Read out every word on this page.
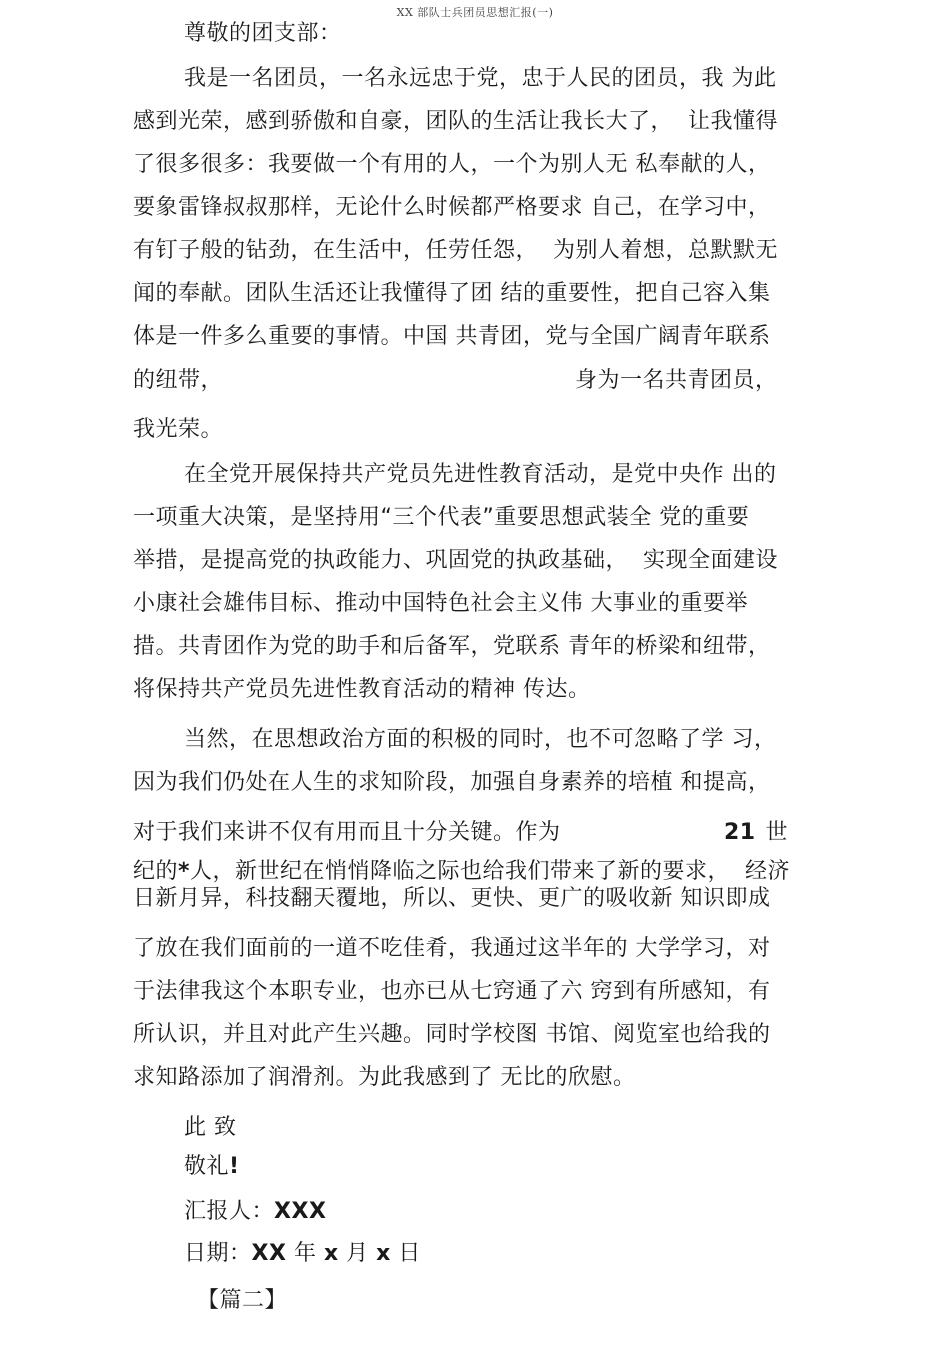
XX 部队士兵团员思想汇报(一)
尊敬的团支部：
我是一名团员，一名永远忠于党，忠于人民的团员，我 为此
感到光荣，感到骄傲和自豪，团队的生活让我长大了，  让我懂得
了很多很多：我要做一个有用的人，一个为别人无 私奉献的人，
要象雷锋叔叔那样，无论什么时候都严格要求 自己，在学习中，
有钉子般的钻劲，在生活中，任劳任怨，  为别人着想，总默默无
闻的奉献。团队生活还让我懂得了团 结的重要性，把自己容入集
体是一件多么重要的事情。中国 共青团，党与全国广阔青年联系
的纽带，	身为一名共青团员，
我光荣。
在全党开展保持共产党员先进性教育活动，是党中央作 出的
一项重大决策，是坚持用“三个代表”重要思想武装全 党的重要
举措，是提高党的执政能力、巩固党的执政基础，  实现全面建设
小康社会雄伟目标、推动中国特色社会主义伟 大事业的重要举
措。共青团作为党的助手和后备军，党联系 青年的桥梁和纽带，
将保持共产党员先进性教育活动的精神 传达。
当然，在思想政治方面的积极的同时，也不可忽略了学 习，
因为我们仍处在人生的求知阶段，加强自身素养的培植 和提高，
对于我们来讲不仅有用而且十分关键。作为	21 世
纪的*人，新世纪在悄悄降临之际也给我们带来了新的要求，  经济
日新月异，科技翻天覆地，所以、更快、更广的吸收新 知识即成
了放在我们面前的一道不吃佳肴，我通过这半年的 大学学习，对
于法律我这个本职专业，也亦已从七窍通了六 窍到有所感知，有
所认识，并且对此产生兴趣。同时学校图 书馆、阅览室也给我的
求知路添加了润滑剂。为此我感到了 无比的欣慰。
此 致
敬礼!
汇报人：XXX
日期：XX 年 x 月 x 日
【篇二】
